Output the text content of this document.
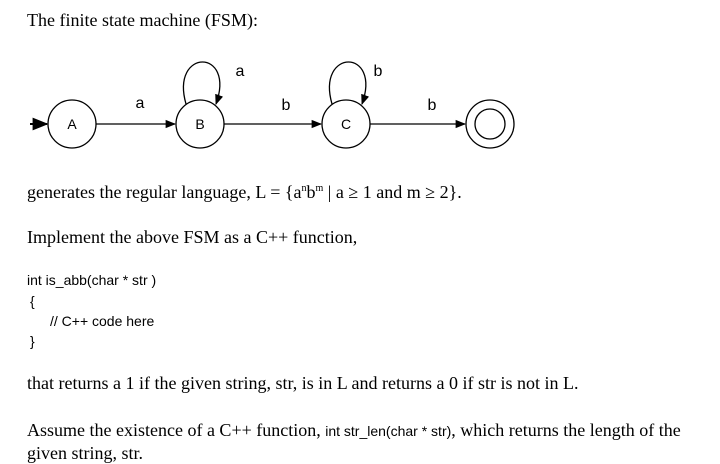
The finite state machine (FSM):
A	B	C
a
a
b
b
b
generates the regular language, $L = \{a^nb^m$ | a ≥ 1 and m ≥ 2}.
Implement the above FSM as a C++ function,
int is_abb(char * str )
{
// C++ code here
}
that returns a 1 if the given string, str, is in L and returns a 0 if str is not in L.
Assume the existence of a C++ function, int str_len(char * str), which returns the length of the given string, str.
